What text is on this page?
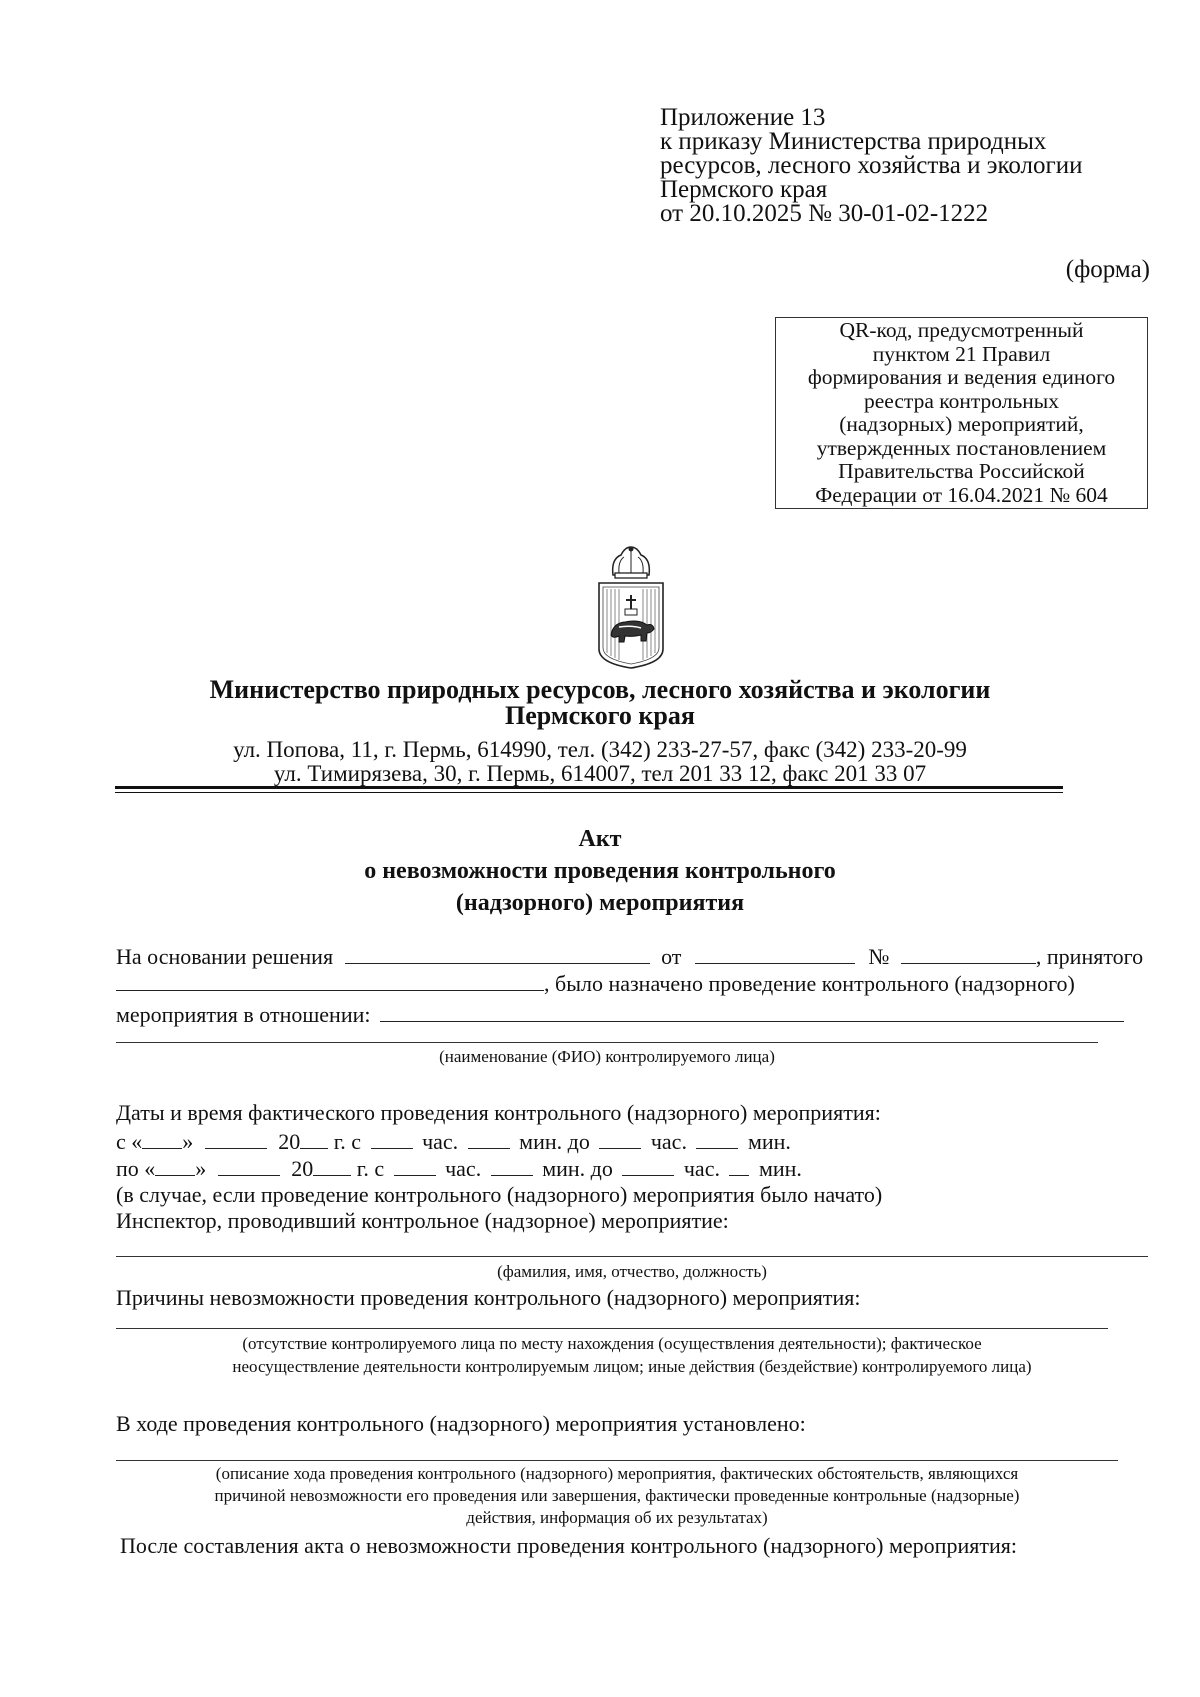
Приложение 13
к приказу Министерства природных
ресурсов, лесного хозяйства и экологии
Пермского края
от 20.10.2025 № 30-01-02-1222
(форма)
QR-код, предусмотренный
пунктом 21 Правил
формирования и ведения единого
реестра контрольных
(надзорных) мероприятий,
утвержденных постановлением
Правительства Российской
Федерации от 16.04.2021 № 604
Министерство природных ресурсов, лесного хозяйства и экологии
Пермского края
ул. Попова, 11, г. Пермь, 614990, тел. (342) 233-27-57, факс (342) 233-20-99
ул. Тимирязева, 30, г. Пермь, 614007, тел 201 33 12, факс 201 33 07
Акт
о невозможности проведения контрольного
(надзорного) мероприятия
На основании решения	от	№	, принятого
, было назначено проведение контрольного (надзорного)
мероприятия в отношении:
(наименование (ФИО) контролируемого лица)
Даты и время фактического проведения контрольного (надзорного) мероприятия:
с « »	20 г. с	час.	мин. до	час.	мин.
по « »	20 г. с	час.	мин. до	час. мин.
(в случае, если проведение контрольного (надзорного) мероприятия было начато)
Инспектор, проводивший контрольное (надзорное) мероприятие:
(фамилия, имя, отчество, должность)
Причины невозможности проведения контрольного (надзорного) мероприятия:
(отсутствие контролируемого лица по месту нахождения (осуществления деятельности); фактическое
неосуществление деятельности контролируемым лицом; иные действия (бездействие) контролируемого лица)
В ходе проведения контрольного (надзорного) мероприятия установлено:
(описание хода проведения контрольного (надзорного) мероприятия, фактических обстоятельств, являющихся
причиной невозможности его проведения или завершения, фактически проведенные контрольные (надзорные)
действия, информация об их результатах)
После составления акта о невозможности проведения контрольного (надзорного) мероприятия:
